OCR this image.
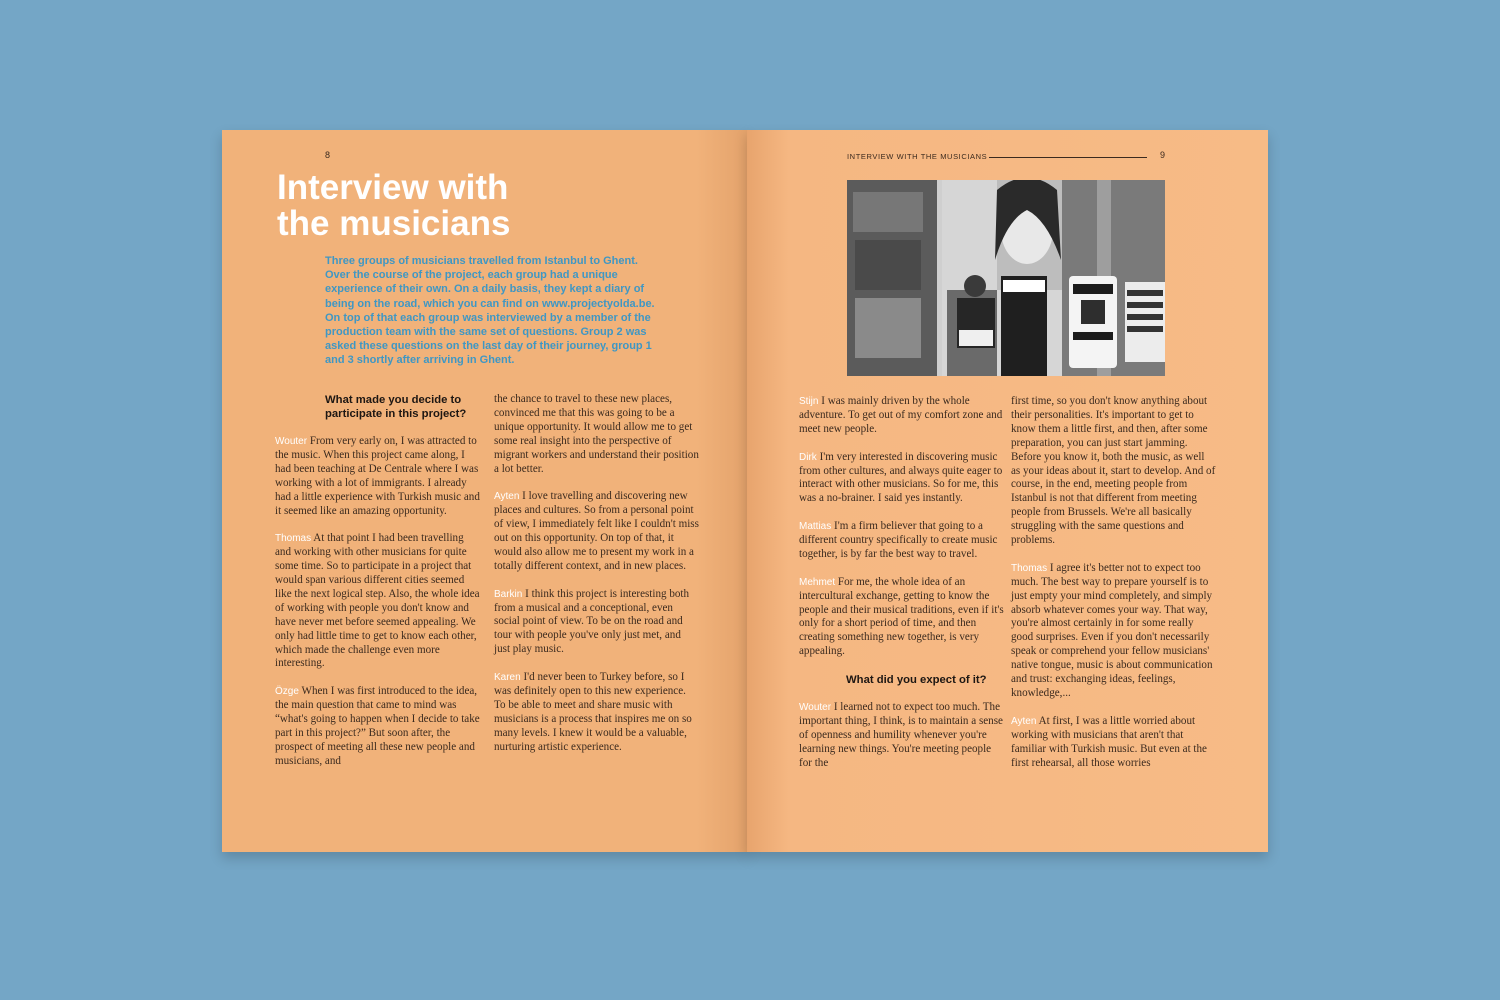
8
Interview with
the musicians

Three groups of musicians travelled from Istanbul to Ghent. Over the course of the project, each group had a unique experience of their own. On a daily basis, they kept a diary of being on the road, which you can find on www.projectyolda.be. On top of that each group was interviewed by a member of the production team with the same set of questions. Group 2 was asked these questions on the last day of their journey, group 1 and 3 shortly after arriving in Ghent.

What made you decide to
participate in this project?

Wouter From very early on, I was attracted to the music. When this project came along, I had been teaching at De Centrale where I was working with a lot of immigrants. I already had a little experience with Turkish music and it seemed like an amazing opportunity.

Thomas At that point I had been travelling and working with other musicians for quite some time. So to participate in a project that would span various different cities seemed like the next logical step. Also, the whole idea of working with people you don't know and have never met before seemed appealing. We only had little time to get to know each other, which made the challenge even more interesting.

Özge When I was first introduced to the idea, the main question that came to mind was “what's going to happen when I decide to take part in this project?” But soon after, the prospect of meeting all these new people and musicians, and

the chance to travel to these new places, convinced me that this was going to be a unique opportunity. It would allow me to get some real insight into the perspective of migrant workers and understand their position a lot better.

Ayten I love travelling and discovering new places and cultures. So from a personal point of view, I immediately felt like I couldn't miss out on this opportunity. On top of that, it would also allow me to present my work in a totally different context, and in new places.

Barkin I think this project is interesting both from a musical and a conceptional, even social point of view. To be on the road and tour with people you've only just met, and just play music.

Karen I'd never been to Turkey before, so I was definitely open to this new experience. To be able to meet and share music with musicians is a process that inspires me on so many levels. I knew it would be a valuable, nurturing artistic experience.

INTERVIEW WITH THE MUSICIANS	9

Stijn I was mainly driven by the whole adventure. To get out of my comfort zone and meet new people.

Dirk I'm very interested in discovering music from other cultures, and always quite eager to interact with other musicians. So for me, this was a no-brainer. I said yes instantly.

Mattias I'm a firm believer that going to a different country specifically to create music together, is by far the best way to travel.

Mehmet For me, the whole idea of an intercultural exchange, getting to know the people and their musical traditions, even if it's only for a short period of time, and then creating something new together, is very appealing.

What did you expect of it?

Wouter I learned not to expect too much. The important thing, I think, is to maintain a sense of openness and humility whenever you're learning new things. You're meeting people for the

first time, so you don't know anything about their personalities. It's important to get to know them a little first, and then, after some preparation, you can just start jamming. Before you know it, both the music, as well as your ideas about it, start to develop. And of course, in the end, meeting people from Istanbul is not that different from meeting people from Brussels. We're all basically struggling with the same questions and problems.

Thomas I agree it's better not to expect too much. The best way to prepare yourself is to just empty your mind completely, and simply absorb whatever comes your way. That way, you're almost certainly in for some really good surprises. Even if you don't necessarily speak or comprehend your fellow musicians' native tongue, music is about communication and trust: exchanging ideas, feelings, knowledge,...

Ayten At first, I was a little worried about working with musicians that aren't that familiar with Turkish music. But even at the first rehearsal, all those worries
